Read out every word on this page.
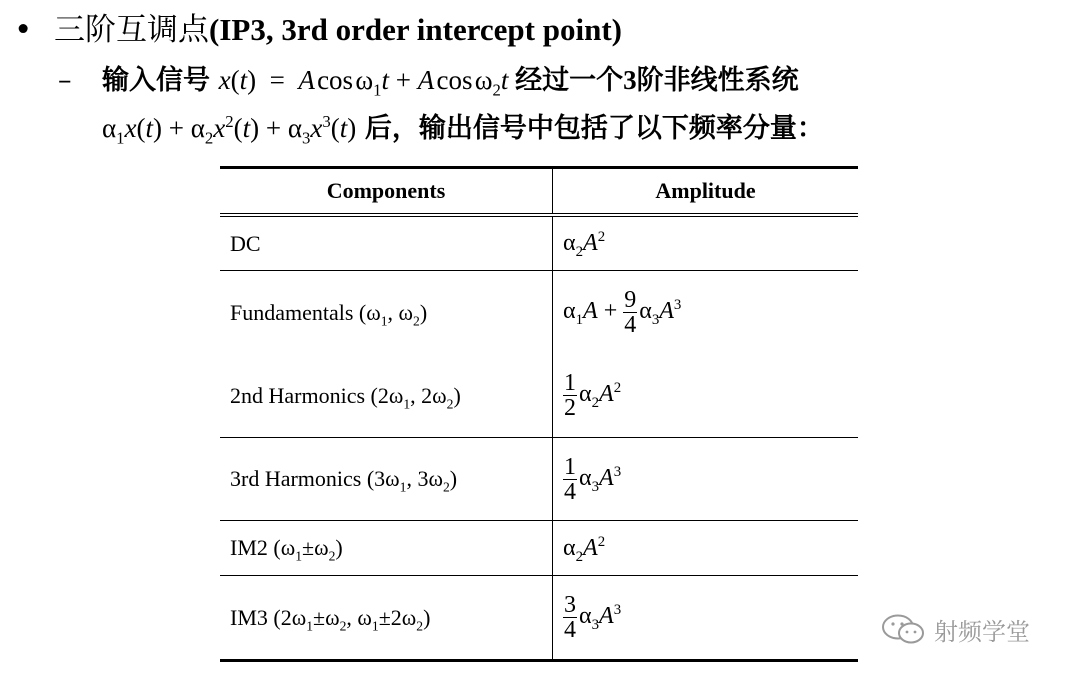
• 三阶互调点(IP3, 3rd order intercept point)
– 输入信号 x(t)  =  A cos $\omega_1t + A$ cos $\omega_2t$ 经过一个3阶非线性系统
$\alpha_1x(t) + \alpha_2x^2(t) + \alpha_3x^3(t)$ 后，输出信号中包括了以下频率分量：
Components	Amplitude
DC	$\alpha_2A^2$
Fundamentals ($\omega_1$, $\omega_2$)	$\alpha_1A + \frac{9}{4} \alpha_3A^3$
2nd Harmonics ($2\omega_1$, $2\omega_2$)	$\frac{1}{2} \alpha_2A^2$
3rd Harmonics ($3\omega_1$, $3\omega_2$)	$\frac{1}{4} \alpha_3A^3$
IM2 $(\omega_1\pm\omega_2)$	$\alpha_2A^2$
IM3 ($2\omega_1\pm\omega_2$, $\omega_1\pm 2\omega_2$)	$\frac{3}{4} \alpha_3A^3$
射频学堂
